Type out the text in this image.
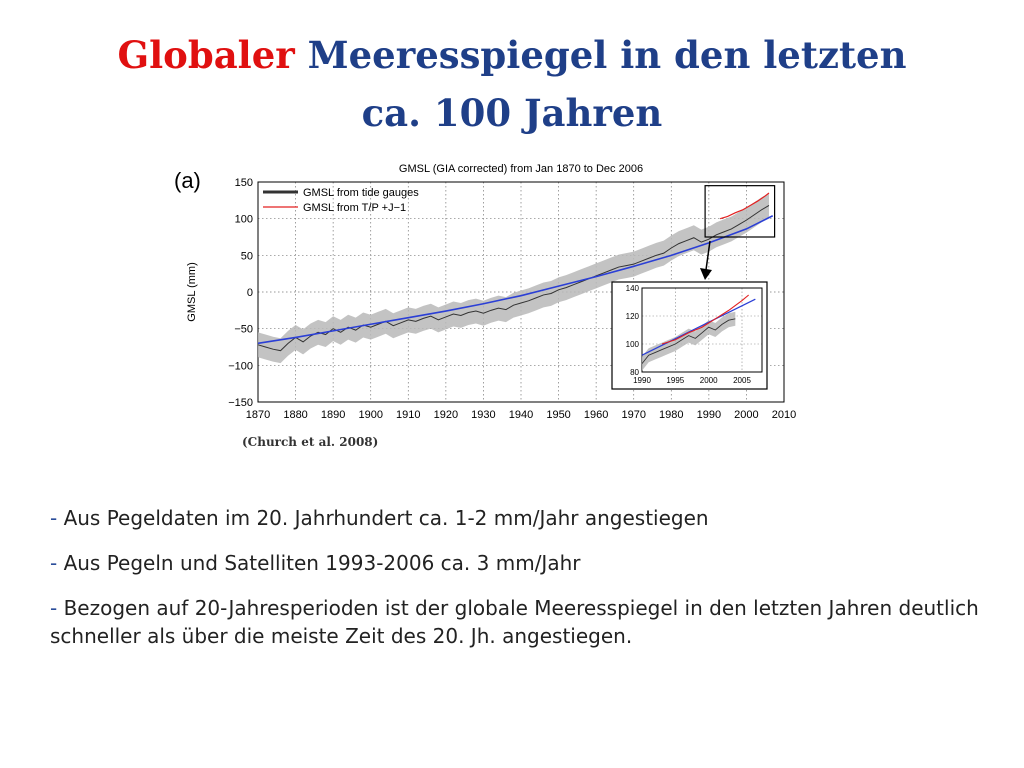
Globaler Meeresspiegel in den letzten
ca. 100 Jahren
1870 1880 1890 1900 1910 1920 1930 1940 1950 1960 1970 1980 1990 2000 2010
150
100
50
0
−50
−100
−150
GMSL (GIA corrected) from Jan 1870 to Dec 2006
(a)
GMSL (mm)
GMSL from tide gauges
GMSL from T/P +J−1
1990 1995 2000 2005
140
120
100
80
(Church et al. 2008)
- Aus Pegeldaten im 20. Jahrhundert ca. 1-2 mm/Jahr angestiegen
- Aus Pegeln und Satelliten 1993-2006 ca. 3 mm/Jahr
- Bezogen auf 20-Jahresperioden ist der globale Meeresspiegel in den letzten Jahren deutlich schneller als über die meiste Zeit des 20. Jh. angestiegen.
